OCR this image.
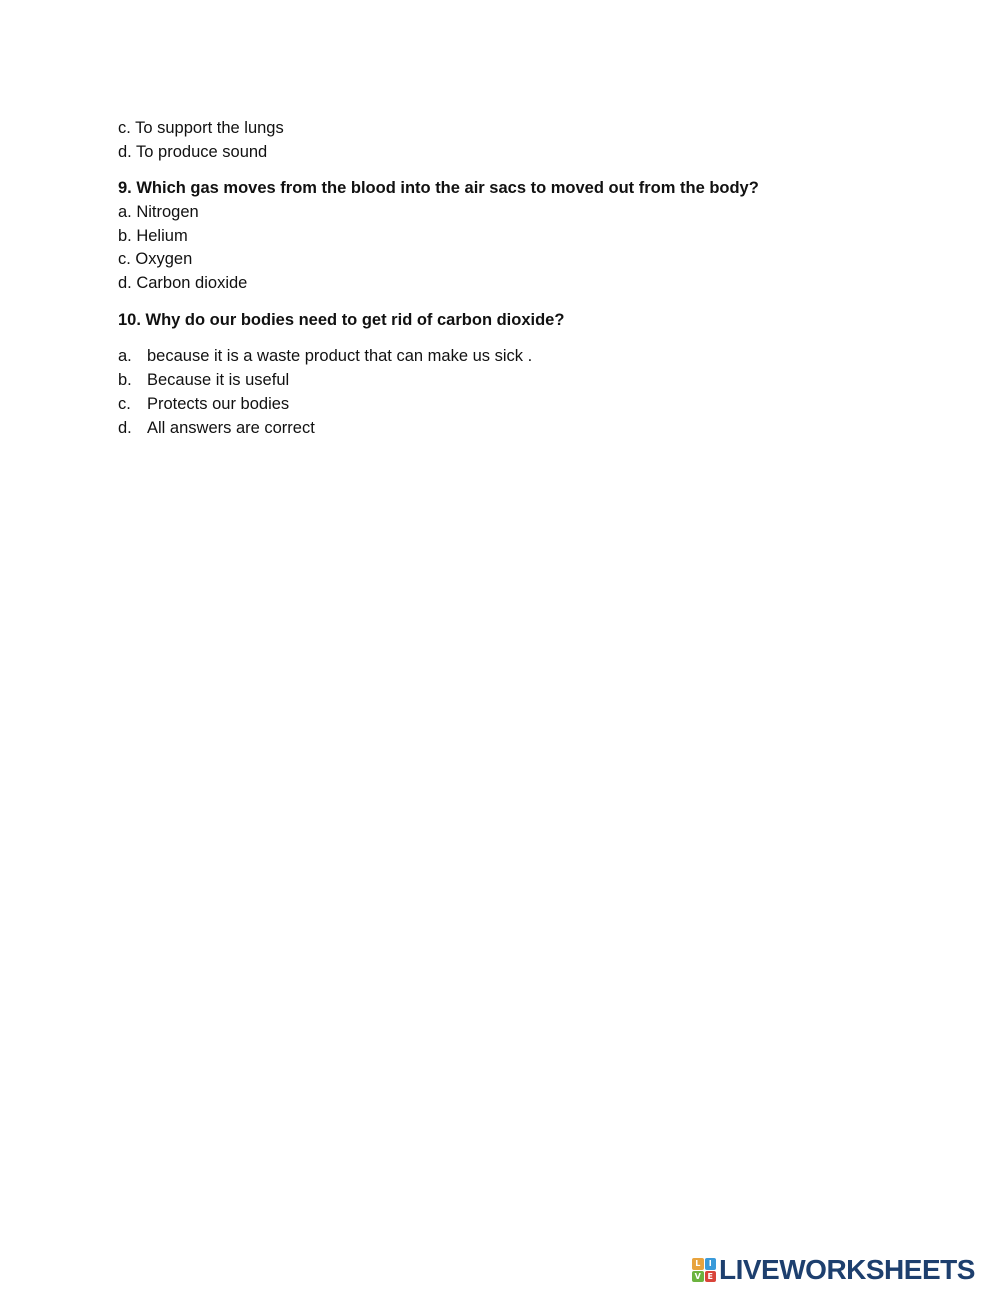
c. To support the lungs
d. To produce sound
9. Which gas moves from the blood into the air sacs to moved out from the body?
a. Nitrogen
b. Helium
c. Oxygen
d. Carbon dioxide
10. Why do our bodies need to get rid of carbon dioxide?
a. because it is a waste product that can make us sick .
b. Because it is useful
c. Protects our bodies
d. All answers are correct
L	I
V E LIVEWORKSHEETS
